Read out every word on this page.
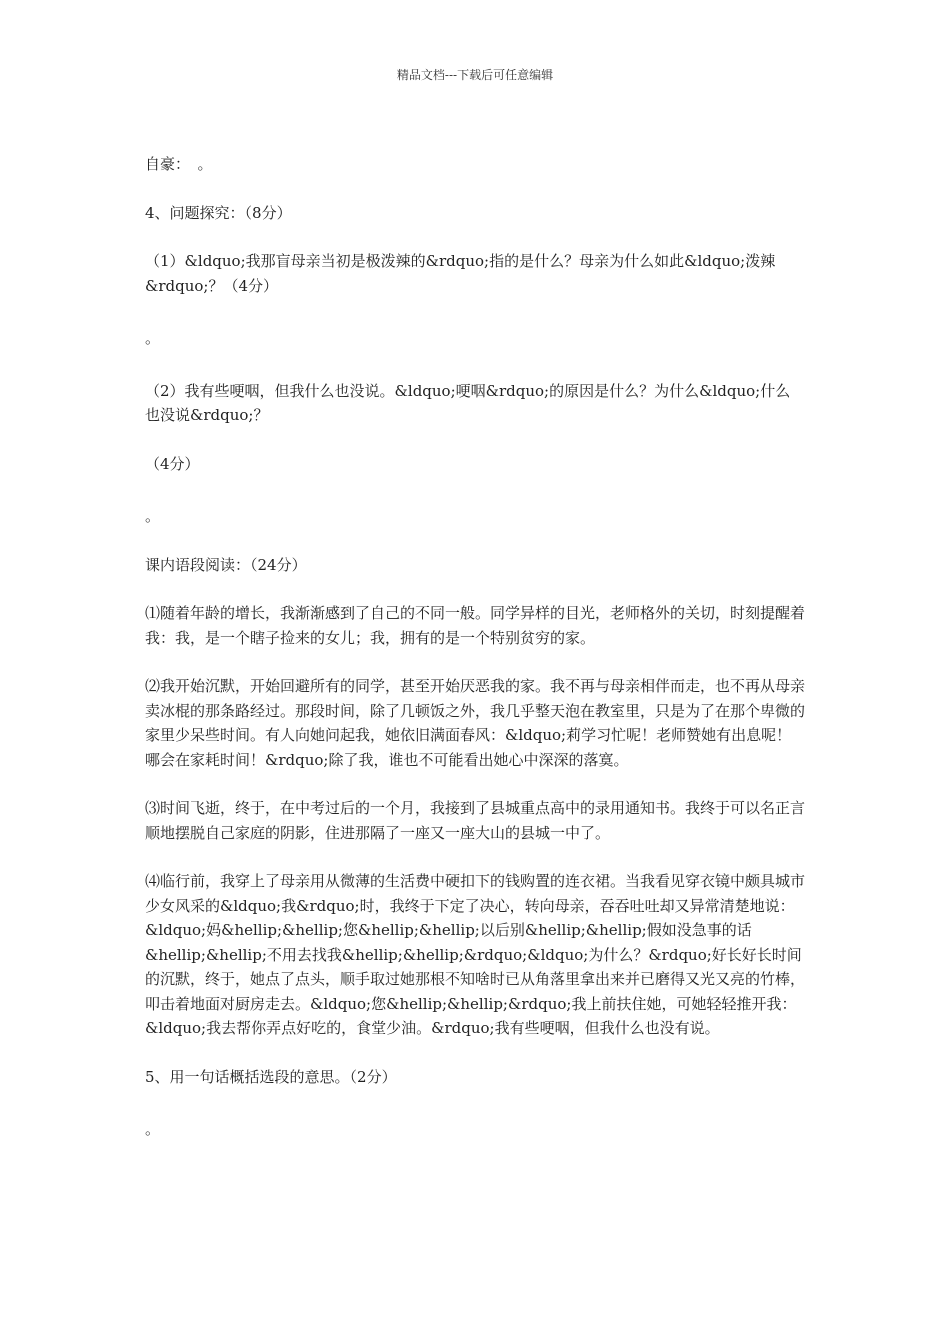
精品文档---下载后可任意编辑

自豪：　。

4、问题探究：（8分）

（1）&ldquo;我那盲母亲当初是极泼辣的&rdquo;指的是什么？母亲为什么如此&ldquo;泼辣&rdquo;？（4分）

。

（2）我有些哽咽，但我什么也没说。&ldquo;哽咽&rdquo;的原因是什么？为什么&ldquo;什么也没说&rdquo;？

（4分）

。

课内语段阅读：（24分）

⑴随着年龄的增长，我渐渐感到了自己的不同一般。同学异样的目光，老师格外的关切，时刻提醒着我：我，是一个瞎子捡来的女儿；我，拥有的是一个特别贫穷的家。

⑵我开始沉默，开始回避所有的同学，甚至开始厌恶我的家。我不再与母亲相伴而走，也不再从母亲卖冰棍的那条路经过。那段时间，除了几顿饭之外，我几乎整天泡在教室里，只是为了在那个卑微的家里少呆些时间。有人向她问起我，她依旧满面春风：&ldquo;莉学习忙呢！老师赞她有出息呢！哪会在家耗时间！&rdquo;除了我，谁也不可能看出她心中深深的落寞。

⑶时间飞逝，终于，在中考过后的一个月，我接到了县城重点高中的录用通知书。我终于可以名正言顺地摆脱自己家庭的阴影，住进那隔了一座又一座大山的县城一中了。

⑷临行前，我穿上了母亲用从微薄的生活费中硬扣下的钱购置的连衣裙。当我看见穿衣镜中颇具城市少女风采的&ldquo;我&rdquo;时，我终于下定了决心，转向母亲，吞吞吐吐却又异常清楚地说：&ldquo;妈&hellip;&hellip;您&hellip;&hellip;以后别&hellip;&hellip;假如没急事的话&hellip;&hellip;不用去找我&hellip;&hellip;&rdquo;&ldquo;为什么？&rdquo;好长好长时间的沉默，终于，她点了点头，顺手取过她那根不知啥时已从角落里拿出来并已磨得又光又亮的竹棒，叩击着地面对厨房走去。&ldquo;您&hellip;&hellip;&rdquo;我上前扶住她，可她轻轻推开我：&ldquo;我去帮你弄点好吃的，食堂少油。&rdquo;我有些哽咽，但我什么也没有说。

5、用一句话概括选段的意思。（2分）

。
